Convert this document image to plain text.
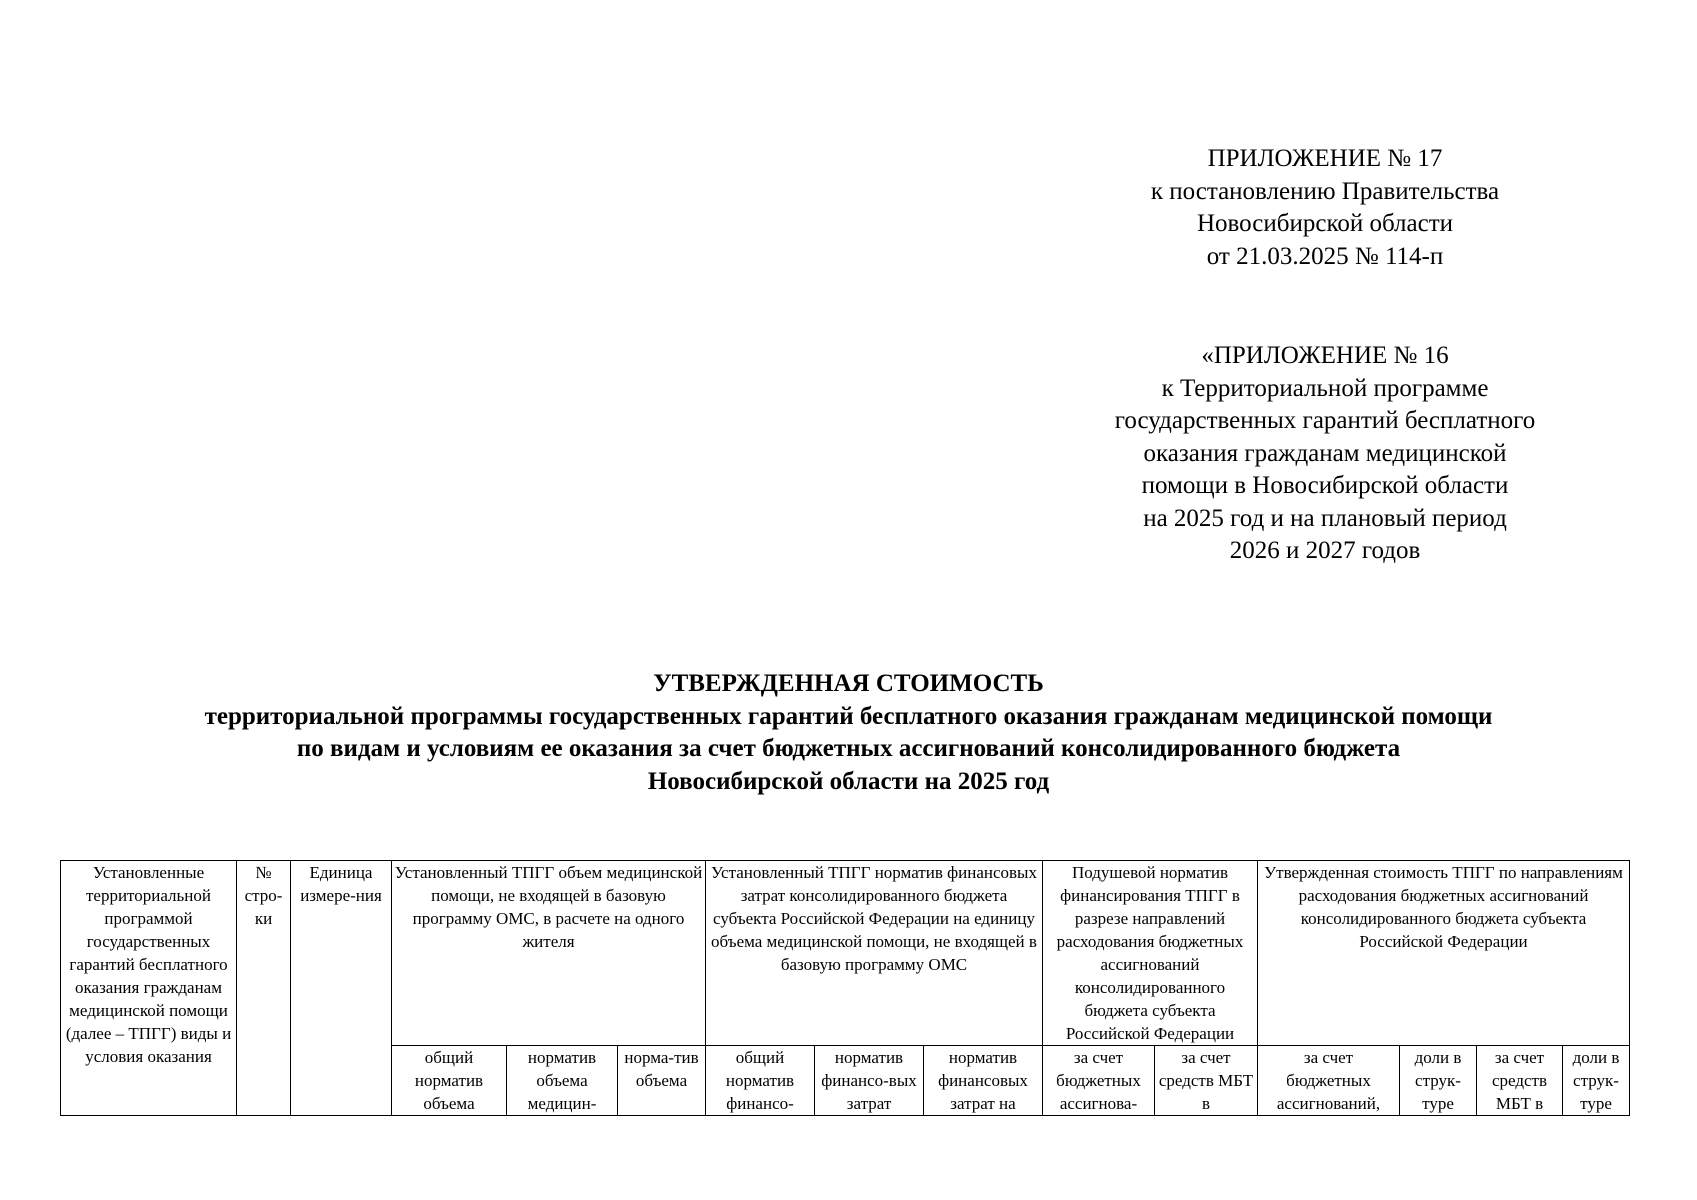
ПРИЛОЖЕНИЕ № 17
к постановлению Правительства
Новосибирской области
от 21.03.2025 № 114-п
«ПРИЛОЖЕНИЕ № 16
к Территориальной программе
государственных гарантий бесплатного
оказания гражданам медицинской
помощи в Новосибирской области
на 2025 год и на плановый период
2026 и 2027 годов
УТВЕРЖДЕННАЯ СТОИМОСТЬ
территориальной программы государственных гарантий бесплатного оказания гражданам медицинской помощи
по видам и условиям ее оказания за счет бюджетных ассигнований консолидированного бюджета
Новосибирской области на 2025 год
Установленные территориальной программой государственных гарантий бесплатного оказания гражданам медицинской помощи (далее – ТПГГ) виды и условия оказания	№ стро-ки	Единица измере-ния	Установленный ТПГГ объем медицинской помощи, не входящей в базовую программу ОМС, в расчете на одного жителя			Установленный ТПГГ норматив финансовых затрат консолидированного бюджета субъекта Российской Федерации на единицу объема медицинской помощи, не входящей в базовую программу ОМС			Подушевой норматив финансирования ТПГГ в разрезе направлений расходования бюджетных ассигнований консолидированного бюджета субъекта Российской Федерации		Утвержденная стоимость ТПГГ по направлениям расходования бюджетных ассигнований консолидированного бюджета субъекта Российской Федерации			
			общий норматив объема	норматив объема медицин-	норма-тив объема	общий норматив финансо-	норматив финансо-вых затрат	норматив финансовых затрат на	за счет бюджетных ассигнова-	за счет средств МБТ в	за счет бюджетных ассигнований,	доли в струк-туре	за счет средств МБТ в	доли в струк-туре
